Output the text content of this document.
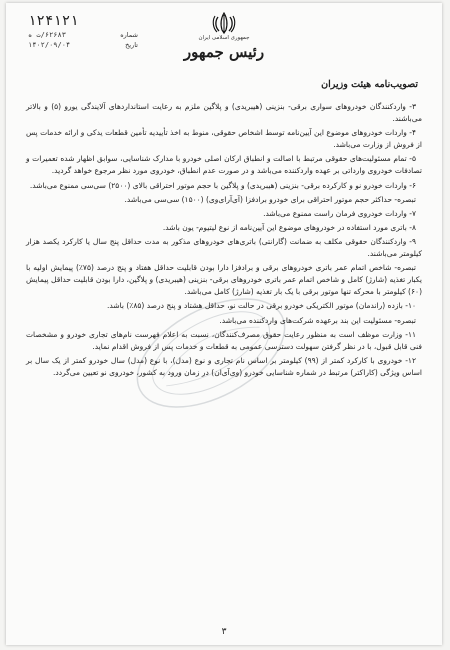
۱۲۴۱۲۱
شماره
۶۲۶۸۳/ت ه
تاریخ
۱۴۰۲/۰۹/۰۴
جمهوری اسلامی ایران
رئیس جمهور
تصویب‌نامه هیئت وزیران

۳- واردکنندگان خودروهای سواری برقی- بنزینی (هیبریدی) و پلاگین ملزم به رعایت استانداردهای آلایندگی یورو (۵) و بالاتر می‌باشند.

۴- واردات خودروهای موضوع این آیین‌نامه توسط اشخاص حقوقی، منوط به اخذ تأییدیه تأمین قطعات یدکی و ارائه خدمات پس از فروش از وزارت می‌باشد.

۵- تمام مسئولیت‌های حقوقی مرتبط با اصالت و انطباق ارکان اصلی خودرو با مدارک شناسایی، سوابق اظهار شده تعمیرات و تصادفات خودروی وارداتی بر عهده واردکننده می‌باشد و در صورت عدم انطباق، خودروی مورد نظر مرجوع خواهد گردید.

۶- واردات خودرو نو و کارکرده برقی- بنزینی (هیبریدی) و پلاگین با حجم موتور احتراقی بالای (۲۵۰۰) سی‌سی ممنوع می‌باشد.

تبصره- حداکثر حجم موتور احتراقی برای خودرو برادفزا (آی‌آر‌ای‌وی) (۱۵۰۰) سی‌سی می‌باشد.

۷- واردات خودروی فرمان راست ممنوع می‌باشد.

۸- باتری مورد استفاده در خودروهای موضوع این آیین‌نامه از نوع لیتیوم- یون باشد.

۹- واردکنندگان حقوقی مکلف به ضمانت (گارانتی) باتری‌های خودروهای مذکور به مدت حداقل پنج سال یا کارکرد یکصد هزار کیلومتر می‌باشند.

تبصره- شاخص اتمام عمر باتری خودروهای برقی و برادفزا دارا بودن قابلیت حداقل هفتاد و پنج درصد (۷۵٪) پیمایش اولیه با یکبار تغذیه (شارژ) کامل و شاخص اتمام عمر باتری خودروهای برقی- بنزینی (هیبریدی) و پلاگین، دارا بودن قابلیت حداقل پیمایش (۶۰) کیلومتر با محرکه تنها موتور برقی با یک بار تغذیه (شارژ) کامل می‌باشد.

۱۰- بازده (راندمان) موتور الکتریکی خودرو برقی در حالت نو، حداقل هشتاد و پنج درصد (۸۵٪) باشد.

تبصره- مسئولیت این بند برعهده شرکت‌های واردکننده می‌باشد.

۱۱- وزارت موظف است به منظور رعایت حقوق مصرف‌کنندگان، نسبت به اعلام فهرست نام‌های تجاری خودرو و مشخصات فنی قابل قبول، با در نظر گرفتن سهولت دسترسی عمومی به قطعات و خدمات پس از فروش اقدام نماید.

۱۲- خودروی با کارکرد کمتر از (۹۹) کیلومتر بر اساس نام تجاری و نوع (مدل)، با نوع (مدل) سال خودرو کمتر از یک سال بر اساس ویژگی (کاراکتر) مرتبط در شماره شناسایی خودرو (وی‌آی‌ان) در زمان ورود به کشور، خودروی نو تعیین می‌گردد.

۳
